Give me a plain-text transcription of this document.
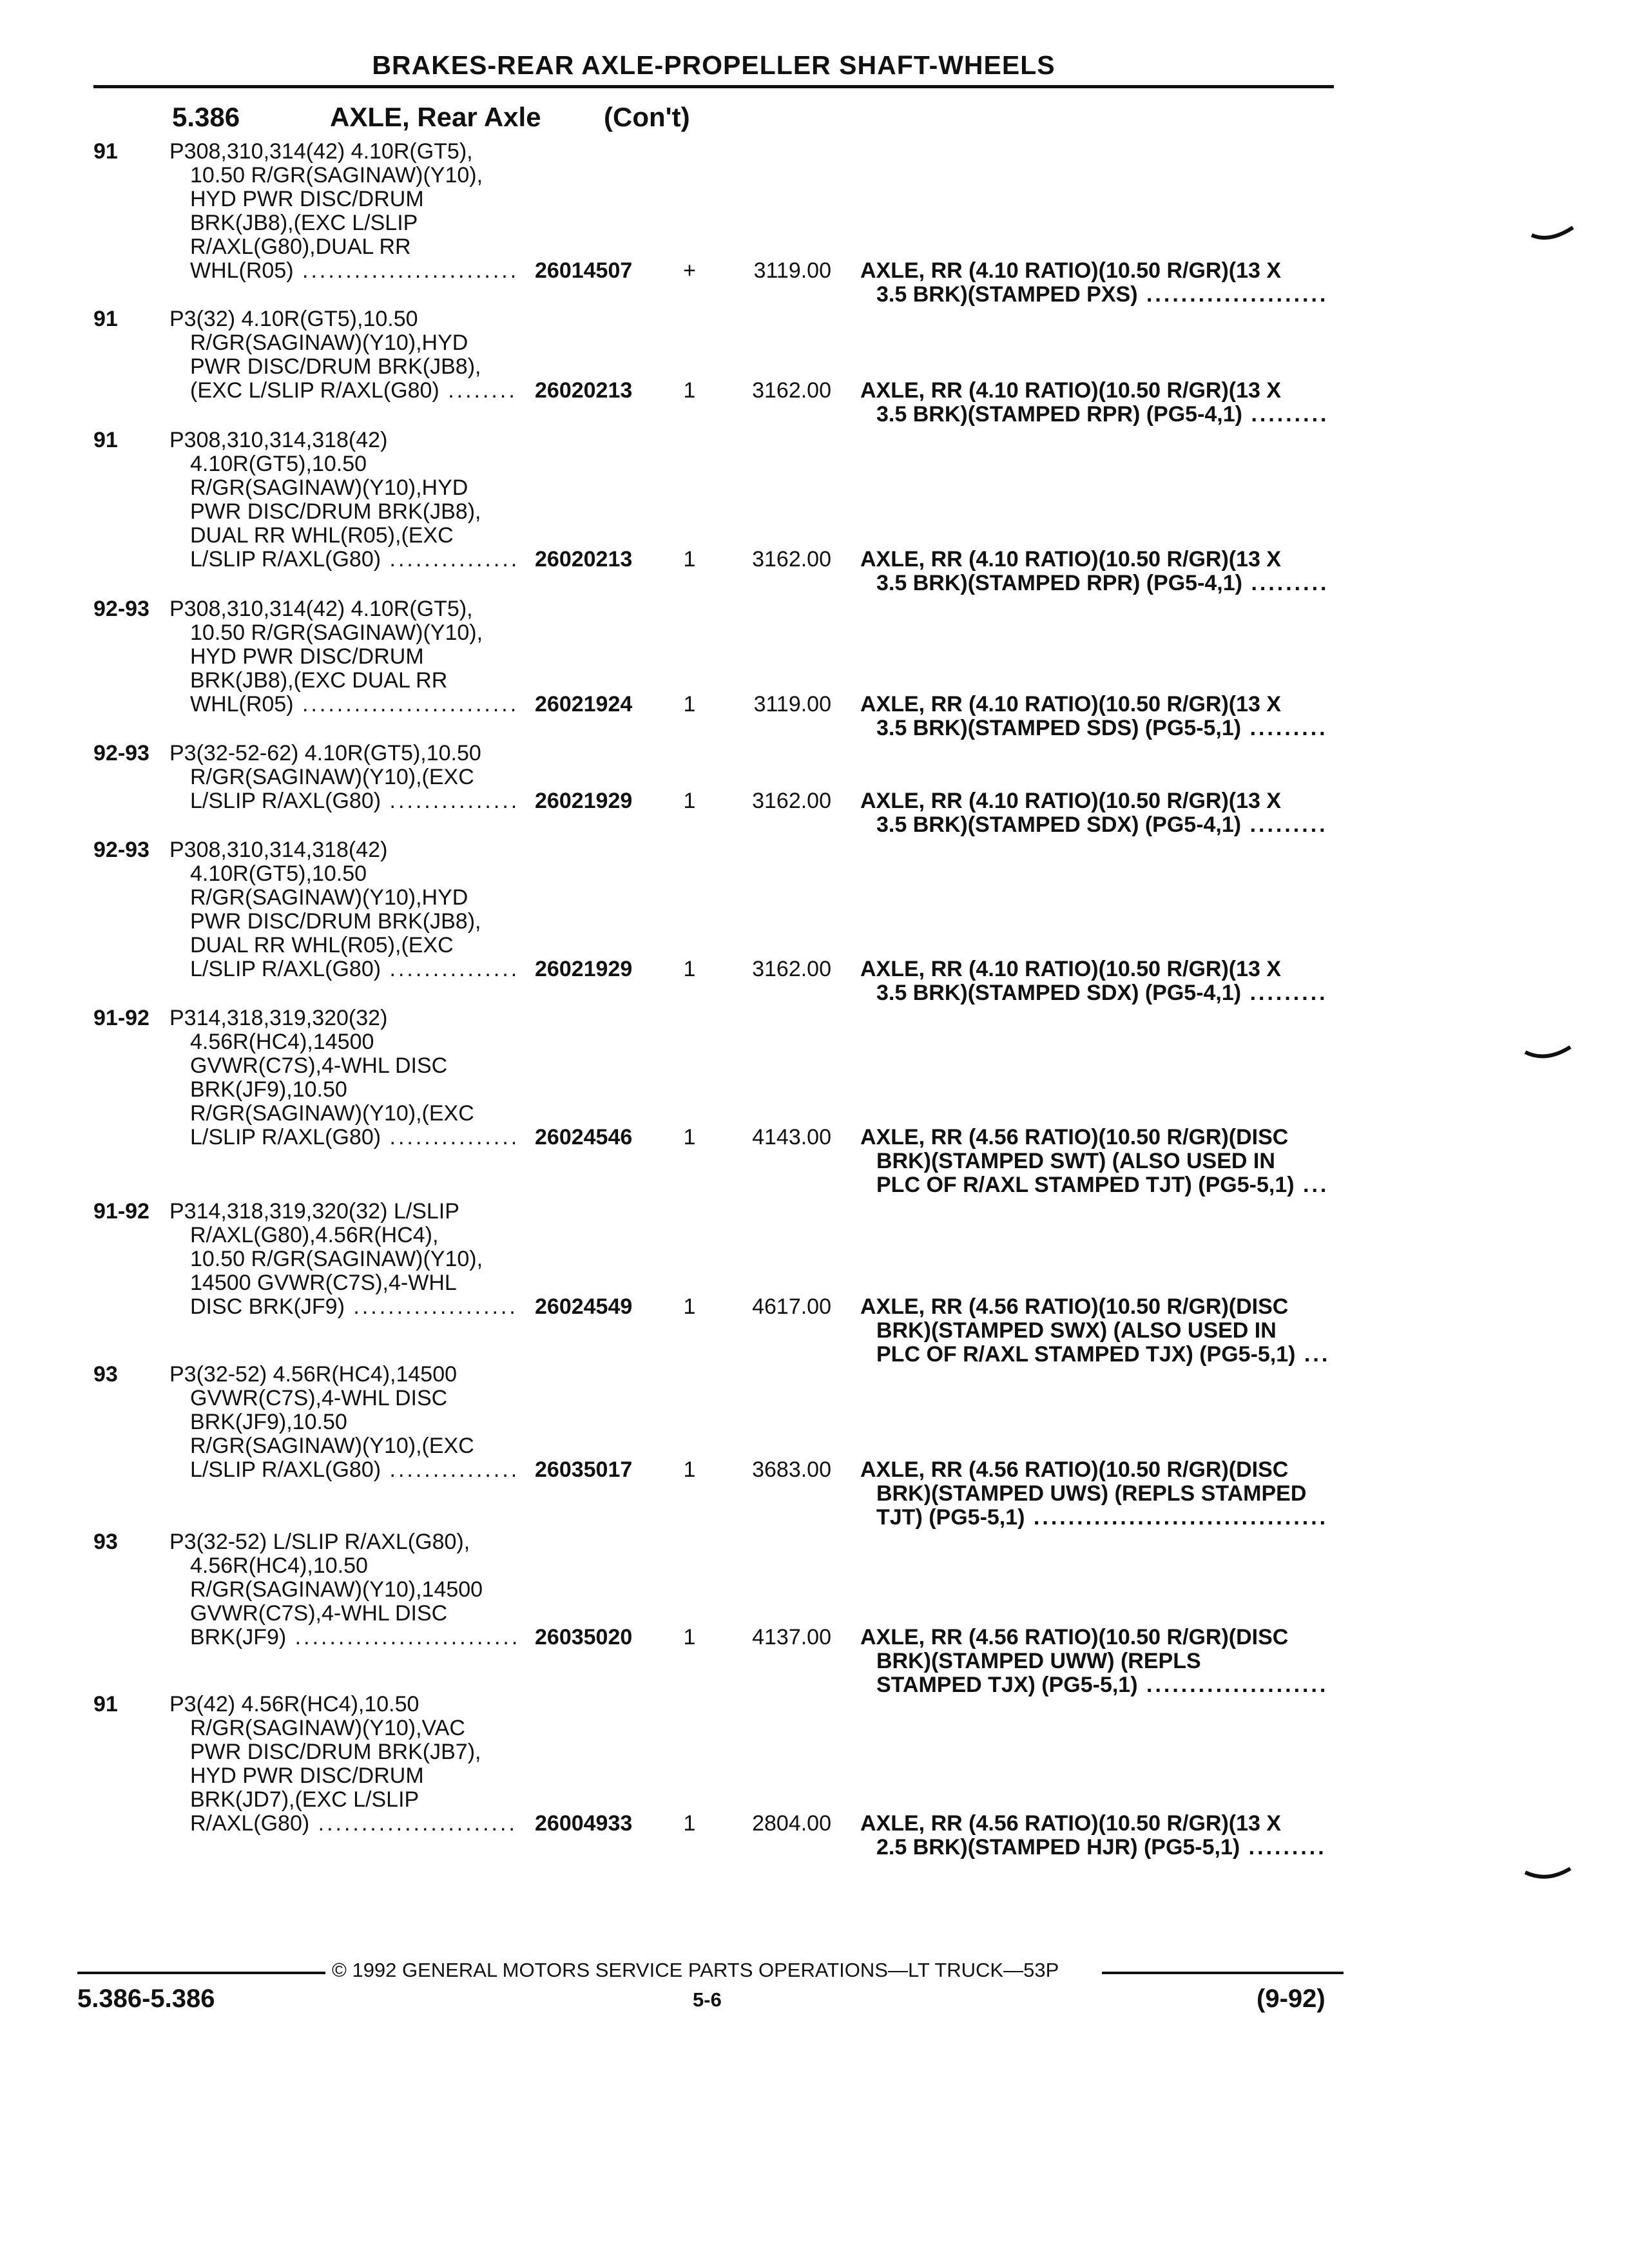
BRAKES-REAR AXLE-PROPELLER SHAFT-WHEELS
5.386	AXLE, Rear Axle (Con't)
91 P308,310,314(42) 4.10R(GT5),
10.50 R/GR(SAGINAW)(Y10),
HYD PWR DISC/DRUM
BRK(JB8),(EXC L/SLIP
R/AXL(G80),DUAL RR
WHL(R05) ......................... 26014507 +	3119.00 AXLE, RR (4.10 RATIO)(10.50 R/GR)(13 X
3.5 BRK)(STAMPED PXS) .....................
91 P3(32) 4.10R(GT5),10.50
R/GR(SAGINAW)(Y10),HYD
PWR DISC/DRUM BRK(JB8),
(EXC L/SLIP R/AXL(G80) ........ 26020213	1	3162.00 AXLE, RR (4.10 RATIO)(10.50 R/GR)(13 X
3.5 BRK)(STAMPED RPR) (PG5-4,1) .........
91 P308,310,314,318(42)
4.10R(GT5),10.50
R/GR(SAGINAW)(Y10),HYD
PWR DISC/DRUM BRK(JB8),
DUAL RR WHL(R05),(EXC
L/SLIP R/AXL(G80) ............... 26020213	1	3162.00 AXLE, RR (4.10 RATIO)(10.50 R/GR)(13 X
3.5 BRK)(STAMPED RPR) (PG5-4,1) .........
92-93 P308,310,314(42) 4.10R(GT5),
10.50 R/GR(SAGINAW)(Y10),
HYD PWR DISC/DRUM
BRK(JB8),(EXC DUAL RR
WHL(R05) ......................... 26021924	1	3119.00 AXLE, RR (4.10 RATIO)(10.50 R/GR)(13 X
3.5 BRK)(STAMPED SDS) (PG5-5,1) .........
92-93 P3(32-52-62) 4.10R(GT5),10.50
R/GR(SAGINAW)(Y10),(EXC
L/SLIP R/AXL(G80) ............... 26021929	1	3162.00 AXLE, RR (4.10 RATIO)(10.50 R/GR)(13 X
3.5 BRK)(STAMPED SDX) (PG5-4,1) .........
92-93 P308,310,314,318(42)
4.10R(GT5),10.50
R/GR(SAGINAW)(Y10),HYD
PWR DISC/DRUM BRK(JB8),
DUAL RR WHL(R05),(EXC
L/SLIP R/AXL(G80) ............... 26021929	1	3162.00 AXLE, RR (4.10 RATIO)(10.50 R/GR)(13 X
3.5 BRK)(STAMPED SDX) (PG5-4,1) .........
91-92 P314,318,319,320(32)
4.56R(HC4),14500
GVWR(C7S),4-WHL DISC
BRK(JF9),10.50
R/GR(SAGINAW)(Y10),(EXC
L/SLIP R/AXL(G80) ............... 26024546	1	4143.00 AXLE, RR (4.56 RATIO)(10.50 R/GR)(DISC
BRK)(STAMPED SWT) (ALSO USED IN
PLC OF R/AXL STAMPED TJT) (PG5-5,1) ...
91-92 P314,318,319,320(32) L/SLIP
R/AXL(G80),4.56R(HC4),
10.50 R/GR(SAGINAW)(Y10),
14500 GVWR(C7S),4-WHL
DISC BRK(JF9) ................... 26024549	1	4617.00 AXLE, RR (4.56 RATIO)(10.50 R/GR)(DISC
BRK)(STAMPED SWX) (ALSO USED IN
PLC OF R/AXL STAMPED TJX) (PG5-5,1) ...
93 P3(32-52) 4.56R(HC4),14500
GVWR(C7S),4-WHL DISC
BRK(JF9),10.50
R/GR(SAGINAW)(Y10),(EXC
L/SLIP R/AXL(G80) ............... 26035017	1	3683.00 AXLE, RR (4.56 RATIO)(10.50 R/GR)(DISC
BRK)(STAMPED UWS) (REPLS STAMPED
TJT) (PG5-5,1) ..................................
93 P3(32-52) L/SLIP R/AXL(G80),
4.56R(HC4),10.50
R/GR(SAGINAW)(Y10),14500
GVWR(C7S),4-WHL DISC
BRK(JF9) .......................... 26035020	1	4137.00 AXLE, RR (4.56 RATIO)(10.50 R/GR)(DISC
BRK)(STAMPED UWW) (REPLS
STAMPED TJX) (PG5-5,1) .....................
91 P3(42) 4.56R(HC4),10.50
R/GR(SAGINAW)(Y10),VAC
PWR DISC/DRUM BRK(JB7),
HYD PWR DISC/DRUM
BRK(JD7),(EXC L/SLIP
R/AXL(G80) ....................... 26004933	1	2804.00 AXLE, RR (4.56 RATIO)(10.50 R/GR)(13 X
2.5 BRK)(STAMPED HJR) (PG5-5,1) .........
© 1992 GENERAL MOTORS SERVICE PARTS OPERATIONS—LT TRUCK—53P
5.386-5.386	5-6	(9-92)
